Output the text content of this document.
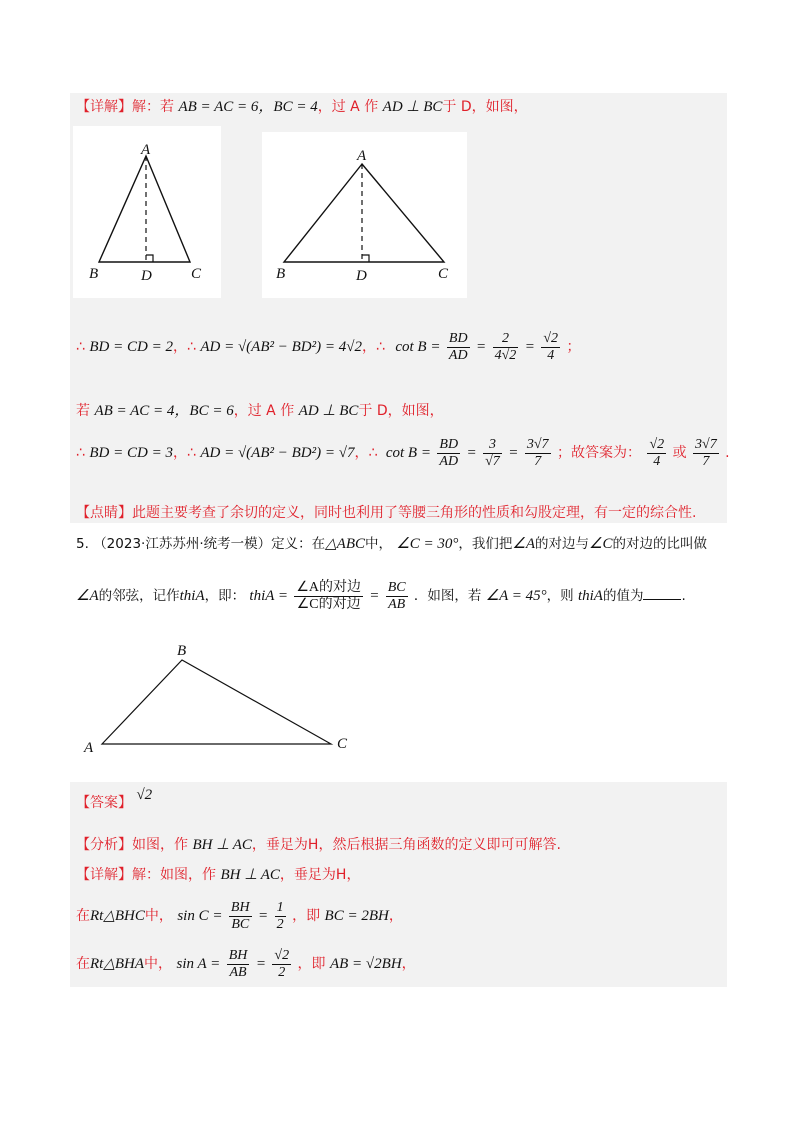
【详解】解：若 AB = AC = 6，BC = 4，过 A 作 AD ⊥ BC于 D，如图，
A
B	D	C
A
B	D	C
∴ BD = CD = 2，∴ AD = √(AB² − BD²) = 4√2，∴ $\cot B = \frac{BD}{AD} = \frac{2}{4√2} = \frac{√2}{4}$ ；
若 AB = AC = 4，BC = 6，过 A 作 AD ⊥ BC于 D，如图，
∴ BD = CD = 3，∴ AD = √(AB² − BD²) = √7，∴ $\cot B = \frac{BD}{AD} = \frac{3}{√7} = \frac{3√7}{7}$ ；故答案为： $\frac{√2}{4}$ 或 $\frac{3√7}{7}$ .
【点睛】此题主要考查了余切的定义，同时也利用了等腰三角形的性质和勾股定理，有一定的综合性.
5. （2023·江苏苏州·统考一模）定义：在△ABC中， ∠C = 30°，我们把∠A的对边与∠C的对边的比叫做
∠A的邻弦，记作thiA，即： thiA = $\frac{\text{∠A的对边}}{\text{∠C的对边}} = \frac{BC}{AB}$ ．如图，若 ∠A = 45°，则 thiA的值为	.
B
A	C
【答案】 √2
【分析】如图，作 BH ⊥ AC，垂足为H，然后根据三角函数的定义即可可解答.
【详解】解：如图，作 BH ⊥ AC，垂足为H，
在Rt△BHC中， $\sin C = \frac{BH}{BC} = \frac{1}{2}$ ，即 BC = 2BH，
在Rt△BHA中， $\sin A = \frac{BH}{AB} = \frac{√2}{2}$ ，即 AB = √2BH，
